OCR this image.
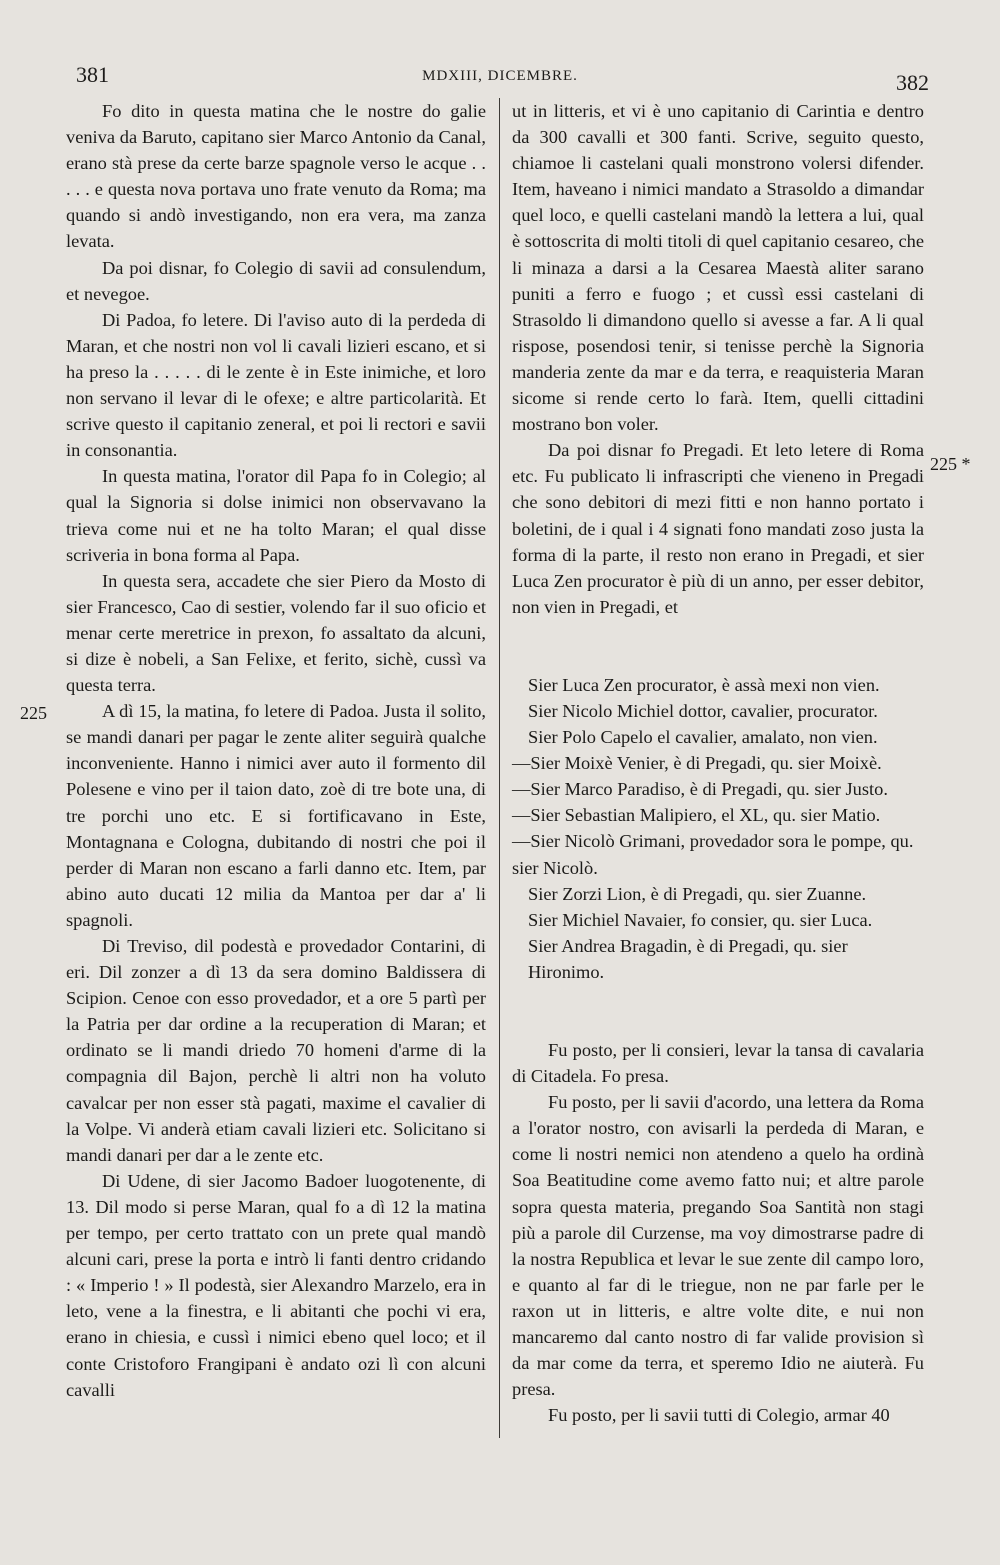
381	MDXIII, DICEMBRE.	382
225
225 *

Fo dito in questa matina che le nostre do galie veniva da Baruto, capitano sier Marco Antonio da Canal, erano stà prese da certe barze spagnole verso le acque . . . . . e questa nova portava uno frate venuto da Roma; ma quando si andò investigando, non era vera, ma zanza levata.

Da poi disnar, fo Colegio di savii ad consulendum, et nevegoe.

Di Padoa, fo letere. Di l'aviso auto di la perdeda di Maran, et che nostri non vol li cavali lizieri escano, et si ha preso la . . . . . di le zente è in Este inimiche, et loro non servano il levar di le ofexe; e altre particolarità. Et scrive questo il capitanio zeneral, et poi li rectori e savii in consonantia.

In questa matina, l'orator dil Papa fo in Colegio; al qual la Signoria si dolse inimici non observavano la trieva come nui et ne ha tolto Maran; el qual disse scriveria in bona forma al Papa.

In questa sera, accadete che sier Piero da Mosto di sier Francesco, Cao di sestier, volendo far il suo oficio et menar certe meretrice in prexon, fo assaltato da alcuni, si dize è nobeli, a San Felixe, et ferito, sichè, cussì va questa terra.

A dì 15, la matina, fo letere di Padoa. Justa il solito, se mandi danari per pagar le zente aliter seguirà qualche inconveniente. Hanno i nimici aver auto il formento dil Polesene e vino per il taion dato, zoè di tre bote una, di tre porchi uno etc. E si fortificavano in Este, Montagnana e Cologna, dubitando di nostri che poi il perder di Maran non escano a farli danno etc. Item, par abino auto ducati 12 milia da Mantoa per dar a' li spagnoli.

Di Treviso, dil podestà e provedador Contarini, di eri. Dil zonzer a dì 13 da sera domino Baldissera di Scipion. Cenoe con esso provedador, et a ore 5 partì per la Patria per dar ordine a la recuperation di Maran; et ordinato se li mandi driedo 70 homeni d'arme di la compagnia dil Bajon, perchè li altri non ha voluto cavalcar per non esser stà pagati, maxime el cavalier di la Volpe. Vi anderà etiam cavali lizieri etc. Solicitano si mandi danari per dar a le zente etc.

Di Udene, di sier Jacomo Badoer luogotenente, di 13. Dil modo si perse Maran, qual fo a dì 12 la matina per tempo, per certo trattato con un prete qual mandò alcuni cari, prese la porta e intrò li fanti dentro cridando : « Imperio ! » Il podestà, sier Alexandro Marzelo, era in leto, vene a la finestra, e li abitanti che pochi vi era, erano in chiesia, e cussì i nimici ebeno quel loco; et il conte Cristoforo Frangipani è andato ozi lì con alcuni cavalli

ut in litteris, et vi è uno capitanio di Carintia e dentro da 300 cavalli et 300 fanti. Scrive, seguito questo, chiamoe li castelani quali monstrono volersi difender. Item, haveano i nimici mandato a Strasoldo a dimandar quel loco, e quelli castelani mandò la lettera a lui, qual è sottoscrita di molti titoli di quel capitanio cesareo, che li minaza a darsi a la Cesarea Maestà aliter sarano puniti a ferro e fuogo ; et cussì essi castelani di Strasoldo li dimandono quello si avesse a far. A li qual rispose, posendosi tenir, si tenisse perchè la Signoria manderia zente da mar e da terra, e reaquisteria Maran sicome si rende certo lo farà. Item, quelli cittadini mostrano bon voler.

Da poi disnar fo Pregadi. Et leto letere di Roma etc. Fu publicato li infrascripti che vieneno in Pregadi che sono debitori di mezi fitti e non hanno portato i boletini, de i qual i 4 signati fono mandati zoso justa la forma di la parte, il resto non erano in Pregadi, et sier Luca Zen procurator è più di un anno, per esser debitor, non vien in Pregadi, et

Sier Luca Zen procurator, è assà mexi non vien.

Sier Nicolo Michiel dottor, cavalier, procurator.

Sier Polo Capelo el cavalier, amalato, non vien.

—Sier Moixè Venier, è di Pregadi, qu. sier Moixè.

—Sier Marco Paradiso, è di Pregadi, qu. sier Justo.

—Sier Sebastian Malipiero, el XL, qu. sier Matio.

—Sier Nicolò Grimani, provedador sora le pompe, qu. sier Nicolò.

Sier Zorzi Lion, è di Pregadi, qu. sier Zuanne.

Sier Michiel Navaier, fo consier, qu. sier Luca.

Sier Andrea Bragadin, è di Pregadi, qu. sier Hironimo.

Fu posto, per li consieri, levar la tansa di cavalaria di Citadela. Fo presa.

Fu posto, per li savii d'acordo, una lettera da Roma a l'orator nostro, con avisarli la perdeda di Maran, e come li nostri nemici non atendeno a quelo ha ordinà Soa Beatitudine come avemo fatto nui; et altre parole sopra questa materia, pregando Soa Santità non stagi più a parole dil Curzense, ma voy dimostrarse padre di la nostra Republica et levar le sue zente dil campo loro, e quanto al far di le triegue, non ne par farle per le raxon ut in litteris, e altre volte dite, e nui non mancaremo dal canto nostro di far valide provision sì da mar come da terra, et speremo Idio ne aiuterà. Fu presa.

Fu posto, per li savii tutti di Colegio, armar 40
